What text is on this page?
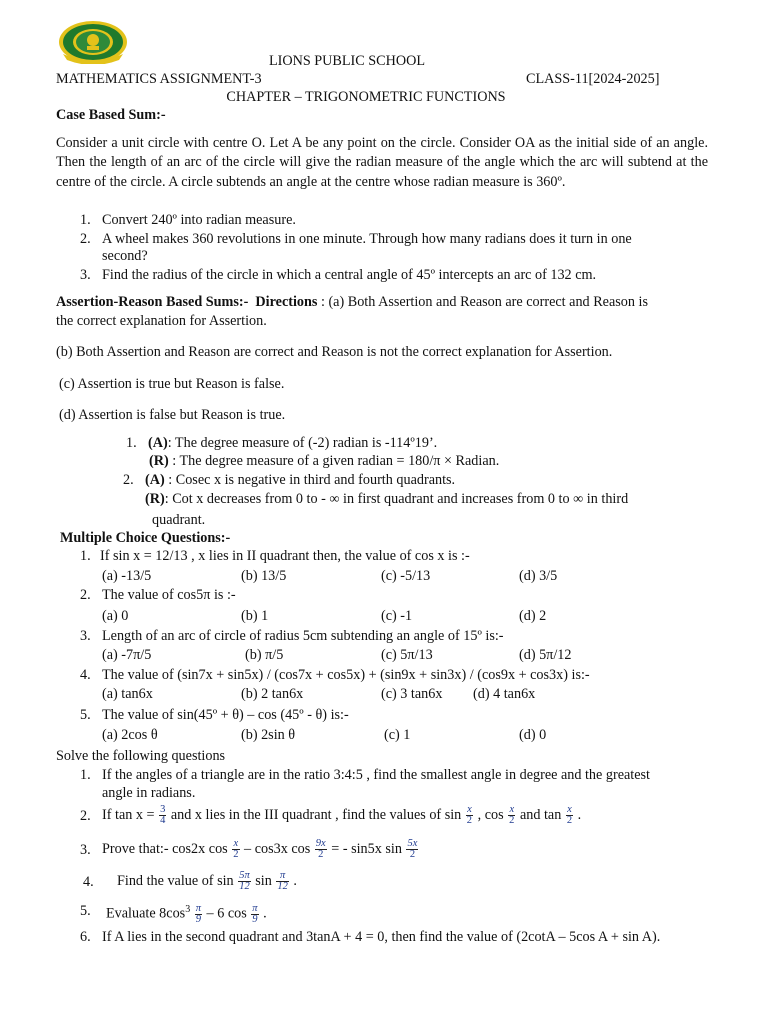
LIONS PUBLIC SCHOOL
MATHEMATICS ASSIGNMENT-3	CLASS-11[2024-2025]
CHAPTER – TRIGONOMETRIC FUNCTIONS
Case Based Sum:-
Consider a unit circle with centre O. Let A be any point on the circle. Consider OA as the initial side of an angle. Then the length of an arc of the circle will give the radian measure of the angle which the arc will subtend at the centre of the circle. A circle subtends an angle at the centre whose radian measure is 360º.
1. Convert 240º into radian measure.
2. A wheel makes 360 revolutions in one minute. Through how many radians does it turn in one
second?
3. Find the radius of the circle in which a central angle of 45º intercepts an arc of 132 cm.
Assertion-Reason Based Sums:- Directions : (a) Both Assertion and Reason are correct and Reason is
the correct explanation for Assertion.
(b) Both Assertion and Reason are correct and Reason is not the correct explanation for Assertion.
(c) Assertion is true but Reason is false.
(d) Assertion is false but Reason is true.
1. (A): The degree measure of (-2) radian is -114º19’.
(R) : The degree measure of a given radian = 180/π × Radian.
2. (A) : Cosec x is negative in third and fourth quadrants.
(R): Cot x decreases from 0 to - ∞ in first quadrant and increases from 0 to ∞ in third
quadrant.
Multiple Choice Questions:-
1. If sin x = 12/13 , x lies in II quadrant then, the value of cos x is :-
(a) -13/5	(b) 13/5	(c) -5/13	(d) 3/5
2. The value of cos5π is :-
(a) 0	(b) 1	(c) -1	(d) 2
3. Length of an arc of circle of radius 5cm subtending an angle of 15º is:-
(a) -7π/5	(b) π/5	(c) 5π/13	(d) 5π/12
4. The value of (sin7x + sin5x) / (cos7x + cos5x) + (sin9x + sin3x) / (cos9x + cos3x) is:-
(a) tan6x	(b) 2 tan6x	(c) 3 tan6x (d) 4 tan6x
5. The value of sin(45º + θ) – cos (45º - θ) is:-
(a) 2cos θ	(b) 2sin θ	(c) 1	(d) 0
Solve the following questions
1. If the angles of a triangle are in the ratio 3:4:5 , find the smallest angle in degree and the greatest
angle in radians.
2. If $\tan x = \frac{3}{4}$ and x lies in the III quadrant , find the values of $\sin \frac{x}{2}$ , $\cos \frac{x}{2}$ and $\tan \frac{x}{2}$ .
3. Prove that:- cos2x $\cos \frac{x}{2} - \cos 3x$ $\cos \frac{9x}{2}$ = - sin5x $\sin \frac{5x}{2}$
4. Find the value of $\sin \frac{5\pi}{12}$ $\sin \frac{\pi}{12}$ .
5. Evaluate $8\cos^3 \frac{\pi}{9} - 6$ $\cos \frac{\pi}{9}$ .
6. If A lies in the second quadrant and 3tanA + 4 = 0, then find the value of (2cotA – 5cos A + sin A).
